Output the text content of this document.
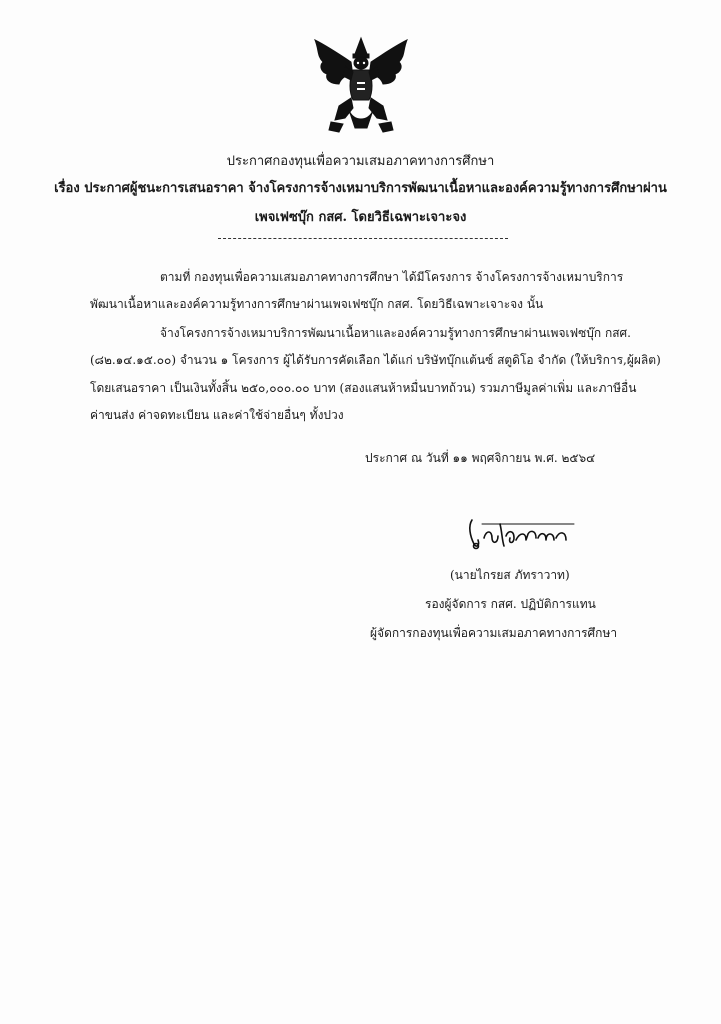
ประกาศกองทุนเพื่อความเสมอภาคทางการศึกษา
เรื่อง ประกาศผู้ชนะการเสนอราคา จ้างโครงการจ้างเหมาบริการพัฒนาเนื้อหาและองค์ความรู้ทางการศึกษาผ่าน
เพจเฟซบุ๊ก กสศ. โดยวิธีเฉพาะเจาะจง
ตามที่ กองทุนเพื่อความเสมอภาคทางการศึกษา ได้มีโครงการ จ้างโครงการจ้างเหมาบริการ
พัฒนาเนื้อหาและองค์ความรู้ทางการศึกษาผ่านเพจเฟซบุ๊ก กสศ. โดยวิธีเฉพาะเจาะจง นั้น
จ้างโครงการจ้างเหมาบริการพัฒนาเนื้อหาและองค์ความรู้ทางการศึกษาผ่านเพจเฟซบุ๊ก กสศ.
(๘๒.๑๔.๑๕.๐๐) จำนวน ๑ โครงการ ผู้ได้รับการคัดเลือก ได้แก่ บริษัทบุ๊กแต้นซ์ สตูดิโอ จำกัด (ให้บริการ,ผู้ผลิต)
โดยเสนอราคา เป็นเงินทั้งสิ้น ๒๕๐,๐๐๐.๐๐ บาท (สองแสนห้าหมื่นบาทถ้วน) รวมภาษีมูลค่าเพิ่ม และภาษีอื่น
ค่าขนส่ง ค่าจดทะเบียน และค่าใช้จ่ายอื่นๆ ทั้งปวง
ประกาศ ณ วันที่ ๑๑ พฤศจิกายน พ.ศ. ๒๕๖๔
(นายไกรยส ภัทราวาท)
รองผู้จัดการ กสศ. ปฏิบัติการแทน
ผู้จัดการกองทุนเพื่อความเสมอภาคทางการศึกษา
